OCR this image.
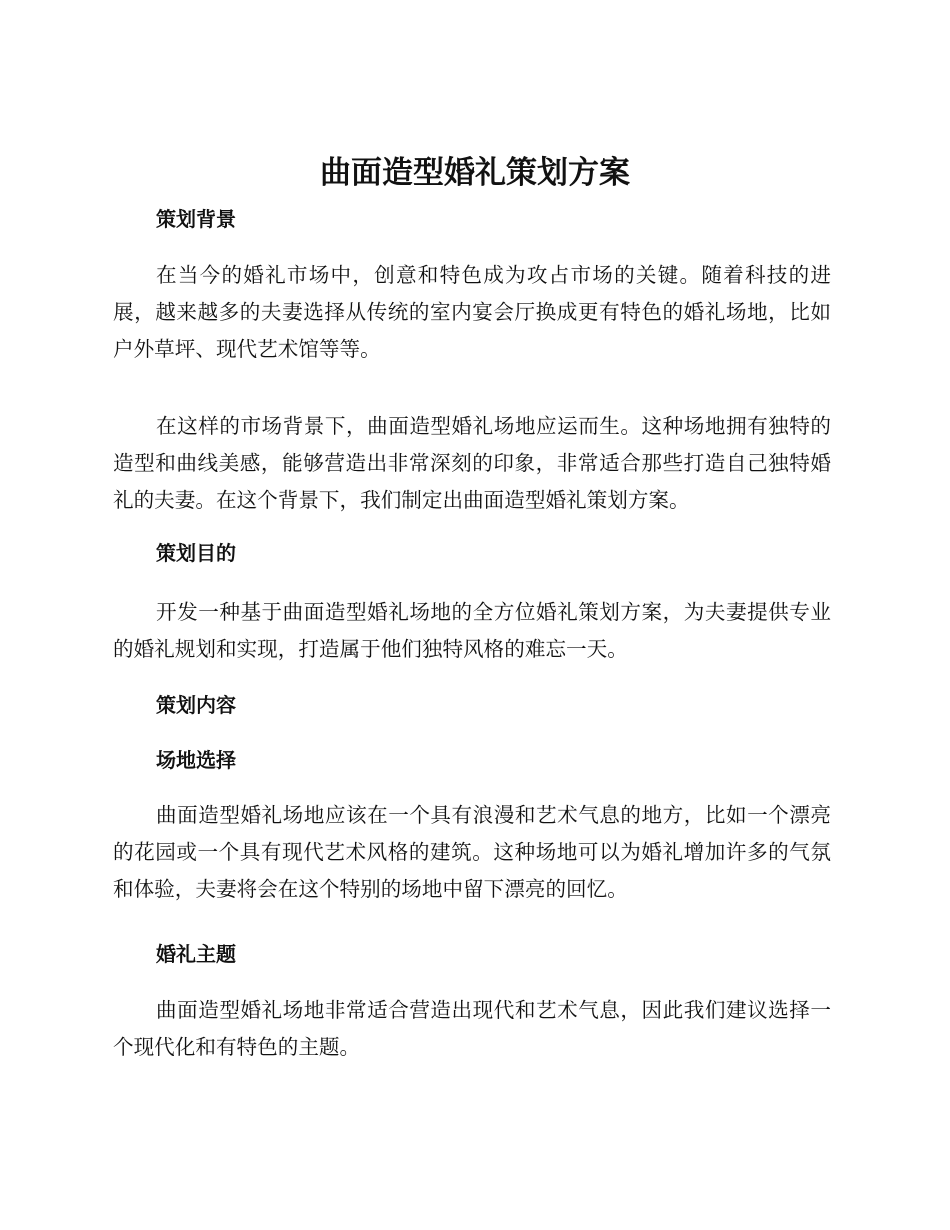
曲面造型婚礼策划方案
策划背景

在当今的婚礼市场中，创意和特色成为攻占市场的关键。随着科技的进展，越来越多的夫妻选择从传统的室内宴会厅换成更有特色的婚礼场地，比如户外草坪、现代艺术馆等等。

在这样的市场背景下，曲面造型婚礼场地应运而生。这种场地拥有独特的造型和曲线美感，能够营造出非常深刻的印象，非常适合那些打造自己独特婚礼的夫妻。在这个背景下，我们制定出曲面造型婚礼策划方案。

策划目的

开发一种基于曲面造型婚礼场地的全方位婚礼策划方案，为夫妻提供专业的婚礼规划和实现，打造属于他们独特风格的难忘一天。

策划内容
场地选择

曲面造型婚礼场地应该在一个具有浪漫和艺术气息的地方，比如一个漂亮的花园或一个具有现代艺术风格的建筑。这种场地可以为婚礼增加许多的气氛和体验，夫妻将会在这个特别的场地中留下漂亮的回忆。

婚礼主题

曲面造型婚礼场地非常适合营造出现代和艺术气息，因此我们建议选择一个现代化和有特色的主题。
